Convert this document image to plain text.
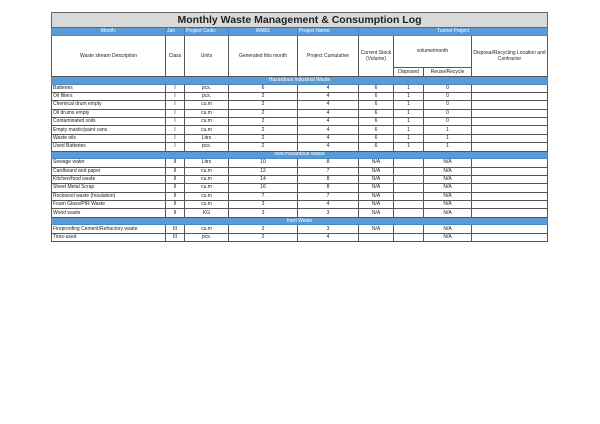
Monthly Waste Management & Consumption Log								
Month:	Jan	Project Code:	WM01	Project Name:	Tunnel Project			
Waste stream Description	Class	Units	Generated this month	Project Cumulative	Current Stock (Volume)	volume/month		Disposal/Recycling Location and Contractor
						Disposed	Reuse/Recycle	
Hazardous Industrial Waste								
Batteries	I	pcs.	6	4	6	1	0	
Oil filters	I	pcs.	2	4	6	1	0	
Chemical drum empty	I	cu.m	2	4	6	1	0	
Oil drums empty	I	cu.m	2	4	6	1	0	
Contaminated soils	I	cu.m	2	4	6	1	0	
Empty mastic/paint cans	I	cu.m	2	4	6	1	1	
Waste oils	I	Litrs	2	4	6	1	1	
Used Batteries	I	pcs.	2	4	6	1	1	
Non-Hazardous Waste								
Sewage water	II	Litrs	10	8	N/A		N/A	
Cardboard and paper	II	cu.m	12	7	N/A		N/A	
Kitchen/food waste	II	cu.m	14	8	N/A		N/A	
Sheet Metal Scrap	II	cu.m	16	8	N/A		N/A	
Rockwool waste (Insulation)	II	cu.m	7	7	N/A		N/A	
Foam Glass/PIR Waste	II	cu.m	3	4	N/A		N/A	
Wood waste	II	KG	3	3	N/A		N/A	
Inert Waste								
Fireproofing Cement/Refractory waste	III	cu.m	2	3	N/A		N/A	
Tires-used	III	pcs.	2	4			N/A	
